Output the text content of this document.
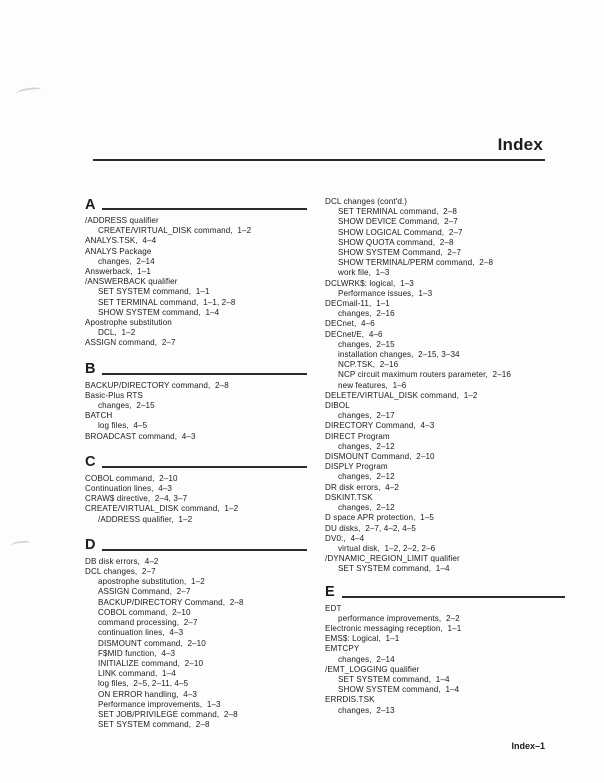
Index
A
/ADDRESS qualifier
CREATE/VIRTUAL_DISK command,  1–2
ANALYS.TSK,  4–4
ANALYS Package
changes,  2–14
Answerback,  1–1
/ANSWERBACK qualifier
SET SYSTEM command,  1–1
SET TERMINAL command,  1–1, 2–8
SHOW SYSTEM command,  1–4
Apostrophe substitution
DCL,  1–2
ASSIGN command,  2–7
B
BACKUP/DIRECTORY command,  2–8
Basic-Plus RTS
changes,  2–15
BATCH
log files,  4–5
BROADCAST command,  4–3
C
COBOL command,  2–10
Continuation lines,  4–3
CRAW$ directive,  2–4, 3–7
CREATE/VIRTUAL_DISK command,  1–2
/ADDRESS qualifier,  1–2
D
DB disk errors,  4–2
DCL changes,  2–7
apostrophe substitution,  1–2
ASSIGN Command,  2–7
BACKUP/DIRECTORY Command,  2–8
COBOL command,  2–10
command processing,  2–7
continuation lines,  4–3
DISMOUNT command,  2–10
F$MID function,  4–3
INITIALIZE command,  2–10
LINK command,  1–4
log files,  2–5, 2–11, 4–5
ON ERROR handling,  4–3
Performance improvements,  1–3
SET JOB/PRIVILEGE command,  2–8
SET SYSTEM command,  2–8
DCL changes (cont'd.)
SET TERMINAL command,  2–8
SHOW DEVICE Command,  2–7
SHOW LOGICAL Command,  2–7
SHOW QUOTA command,  2–8
SHOW SYSTEM Command,  2–7
SHOW TERMINAL/PERM command,  2–8
work file,  1–3
DCLWRK$: logical,  1–3
Performance issues,  1–3
DECmail-11,  1–1
changes,  2–16
DECnet,  4–6
DECnet/E,  4–6
changes,  2–15
installation changes,  2–15, 3–34
NCP.TSK,  2–16
NCP circuit maximum routers parameter,  2–16
new features,  1–6
DELETE/VIRTUAL_DISK command,  1–2
DIBOL
changes,  2–17
DIRECTORY Command,  4–3
DIRECT Program
changes,  2–12
DISMOUNT Command,  2–10
DISPLY Program
changes,  2–12
DR disk errors,  4–2
DSKINT.TSK
changes,  2–12
D space APR protection,  1–5
DU disks,  2–7, 4–2, 4–5
DV0:,  4–4
virtual disk,  1–2, 2–2, 2–6
/DYNAMIC_REGION_LIMIT qualifier
SET SYSTEM command,  1–4
E
EDT
performance improvements,  2–2
Electronic messaging reception,  1–1
EMS$: Logical,  1–1
EMTCPY
changes,  2–14
/EMT_LOGGING qualifier
SET SYSTEM command,  1–4
SHOW SYSTEM command,  1–4
ERRDIS.TSK
changes,  2–13
Index–1
